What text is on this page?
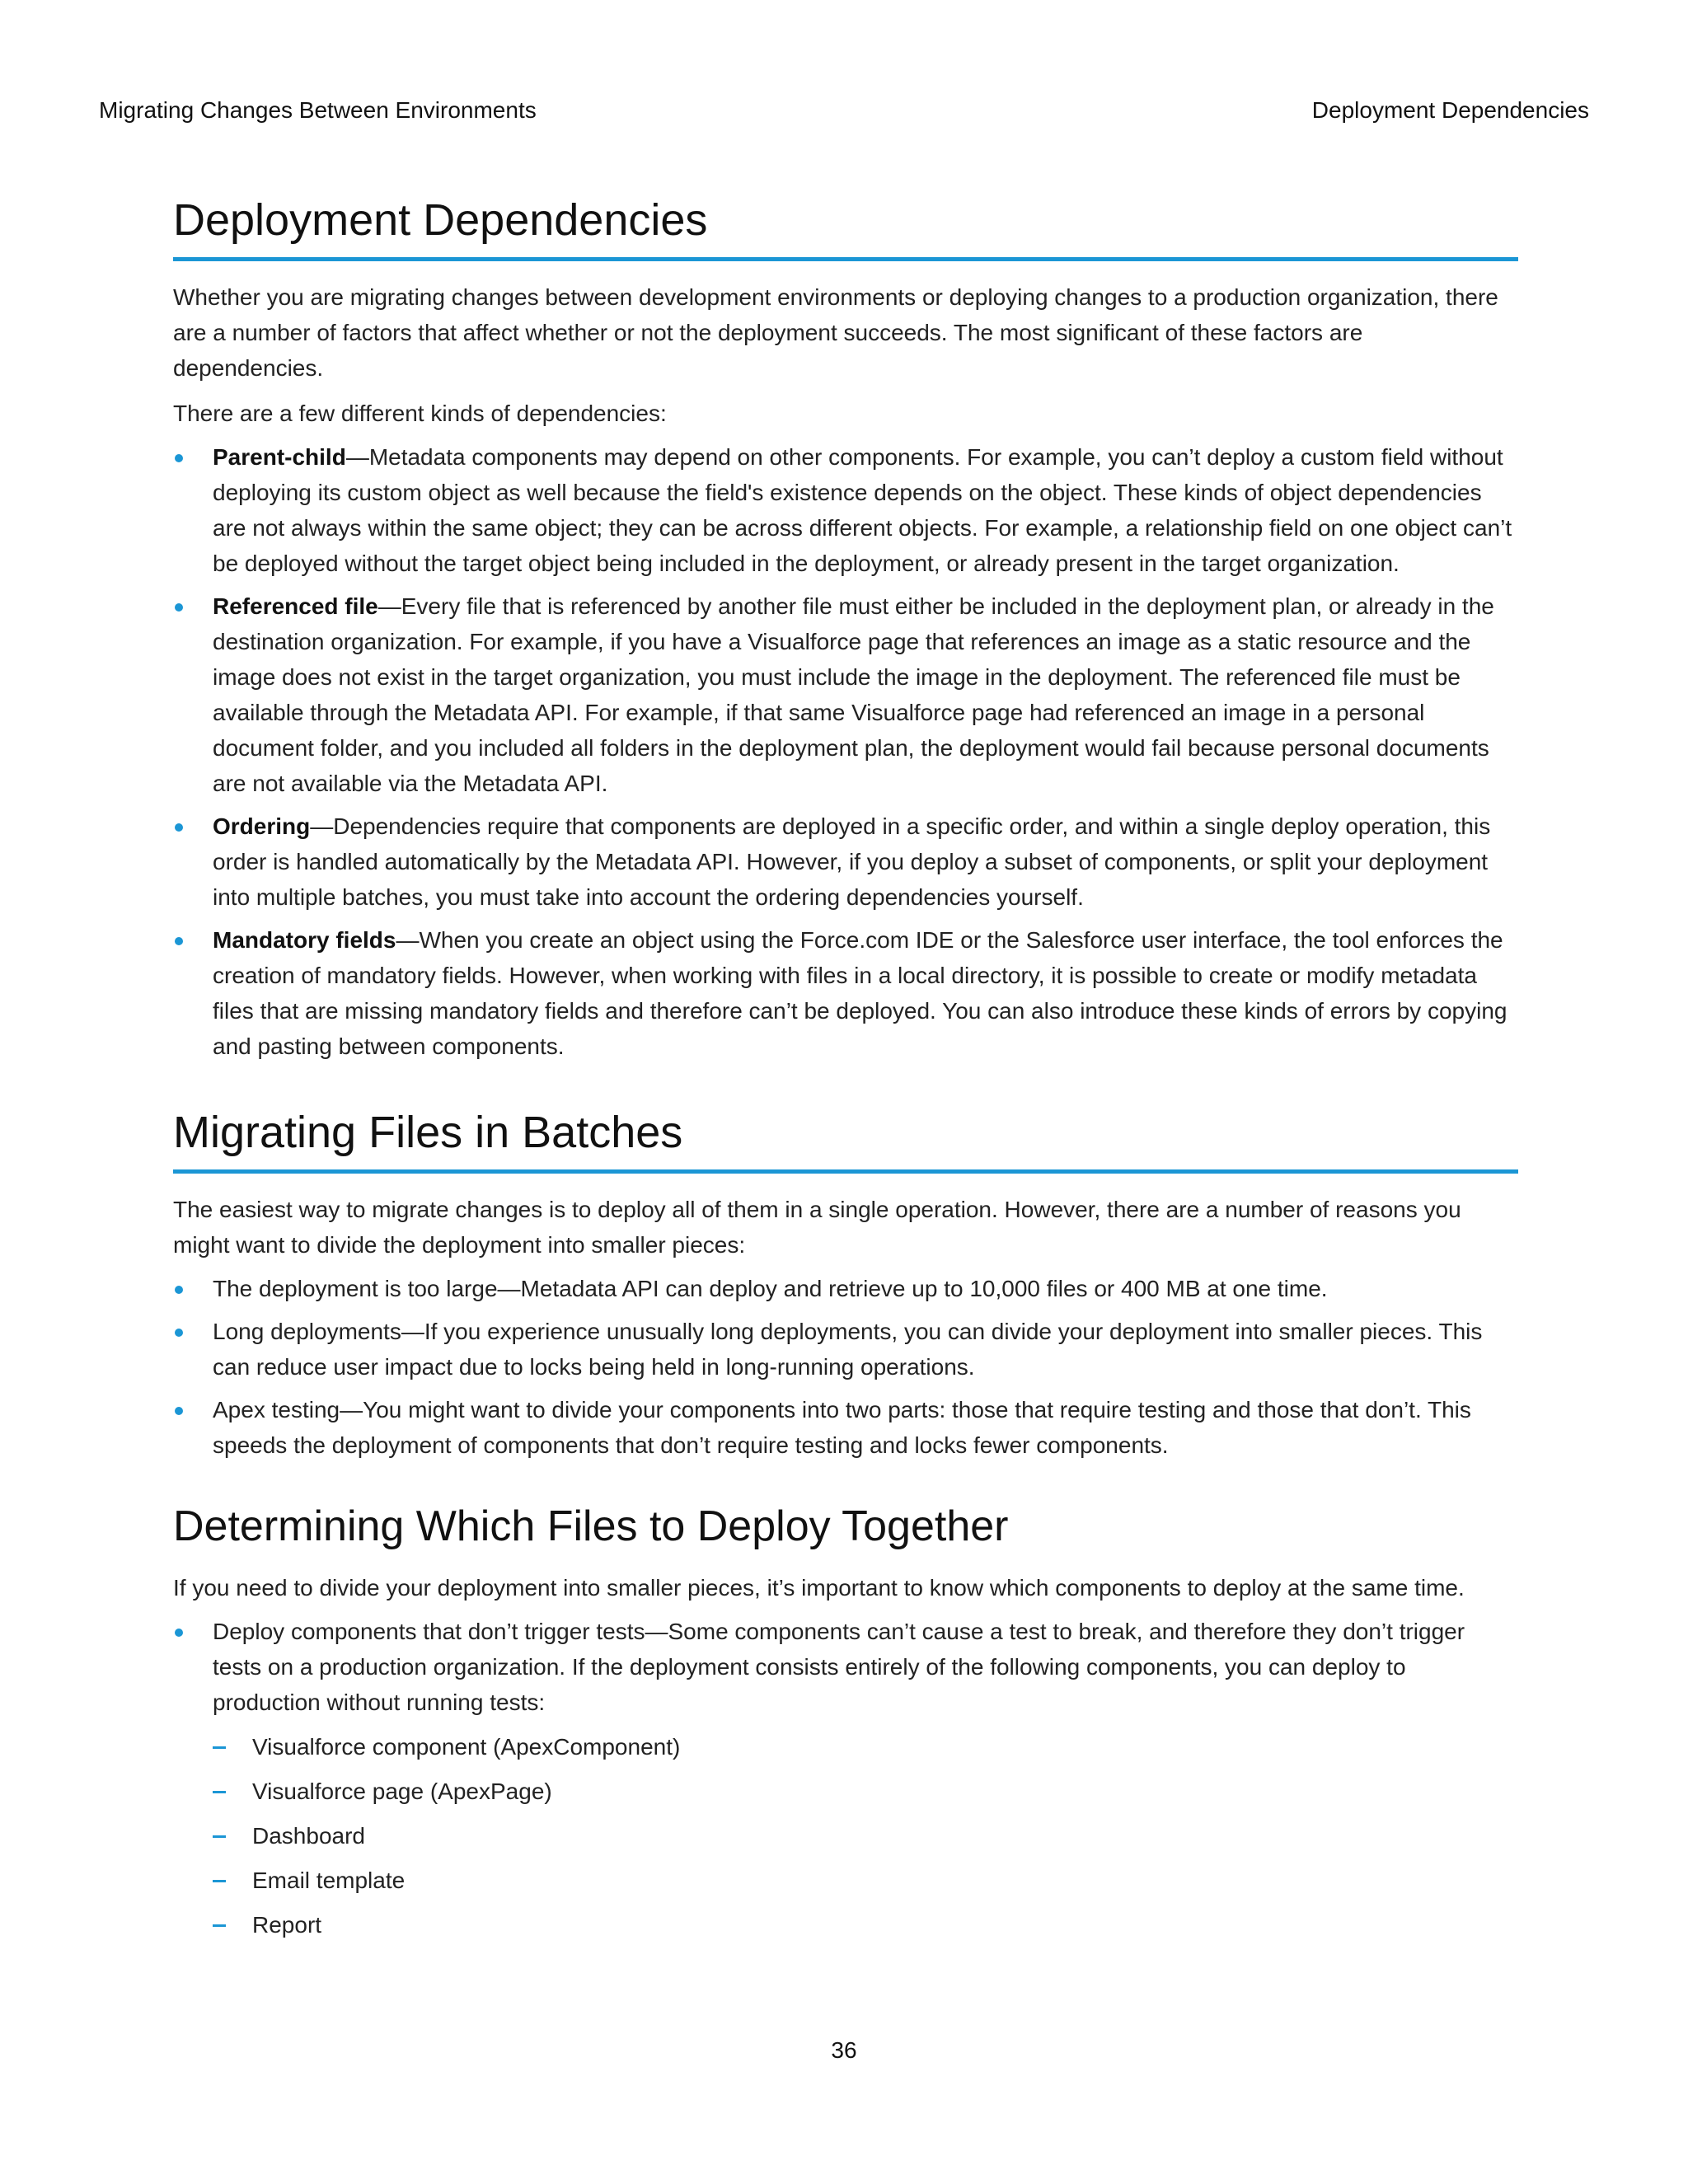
Migrating Changes Between Environments	Deployment Dependencies
Deployment Dependencies

Whether you are migrating changes between development environments or deploying changes to a production organization, there are a number of factors that affect whether or not the deployment succeeds. The most significant of these factors are dependencies.

There are a few different kinds of dependencies:

Parent-child—Metadata components may depend on other components. For example, you can’t deploy a custom field without deploying its custom object as well because the field's existence depends on the object. These kinds of object dependencies are not always within the same object; they can be across different objects. For example, a relationship field on one object can’t be deployed without the target object being included in the deployment, or already present in the target organization.
Referenced file—Every file that is referenced by another file must either be included in the deployment plan, or already in the destination organization. For example, if you have a Visualforce page that references an image as a static resource and the image does not exist in the target organization, you must include the image in the deployment. The referenced file must be available through the Metadata API. For example, if that same Visualforce page had referenced an image in a personal document folder, and you included all folders in the deployment plan, the deployment would fail because personal documents are not available via the Metadata API.
Ordering—Dependencies require that components are deployed in a specific order, and within a single deploy operation, this order is handled automatically by the Metadata API. However, if you deploy a subset of components, or split your deployment into multiple batches, you must take into account the ordering dependencies yourself.
Mandatory fields—When you create an object using the Force.com IDE or the Salesforce user interface, the tool enforces the creation of mandatory fields. However, when working with files in a local directory, it is possible to create or modify metadata files that are missing mandatory fields and therefore can’t be deployed. You can also introduce these kinds of errors by copying and pasting between components.
Migrating Files in Batches

The easiest way to migrate changes is to deploy all of them in a single operation. However, there are a number of reasons you might want to divide the deployment into smaller pieces:

The deployment is too large—Metadata API can deploy and retrieve up to 10,000 files or 400 MB at one time.
Long deployments—If you experience unusually long deployments, you can divide your deployment into smaller pieces. This can reduce user impact due to locks being held in long-running operations.
Apex testing—You might want to divide your components into two parts: those that require testing and those that don’t. This speeds the deployment of components that don’t require testing and locks fewer components.
Determining Which Files to Deploy Together

If you need to divide your deployment into smaller pieces, it’s important to know which components to deploy at the same time.

Deploy components that don’t trigger tests—Some components can’t cause a test to break, and therefore they don’t trigger tests on a production organization. If the deployment consists entirely of the following components, you can deploy to production without running tests:
Visualforce component (ApexComponent)
Visualforce page (ApexPage)
Dashboard
Email template
Report
36
